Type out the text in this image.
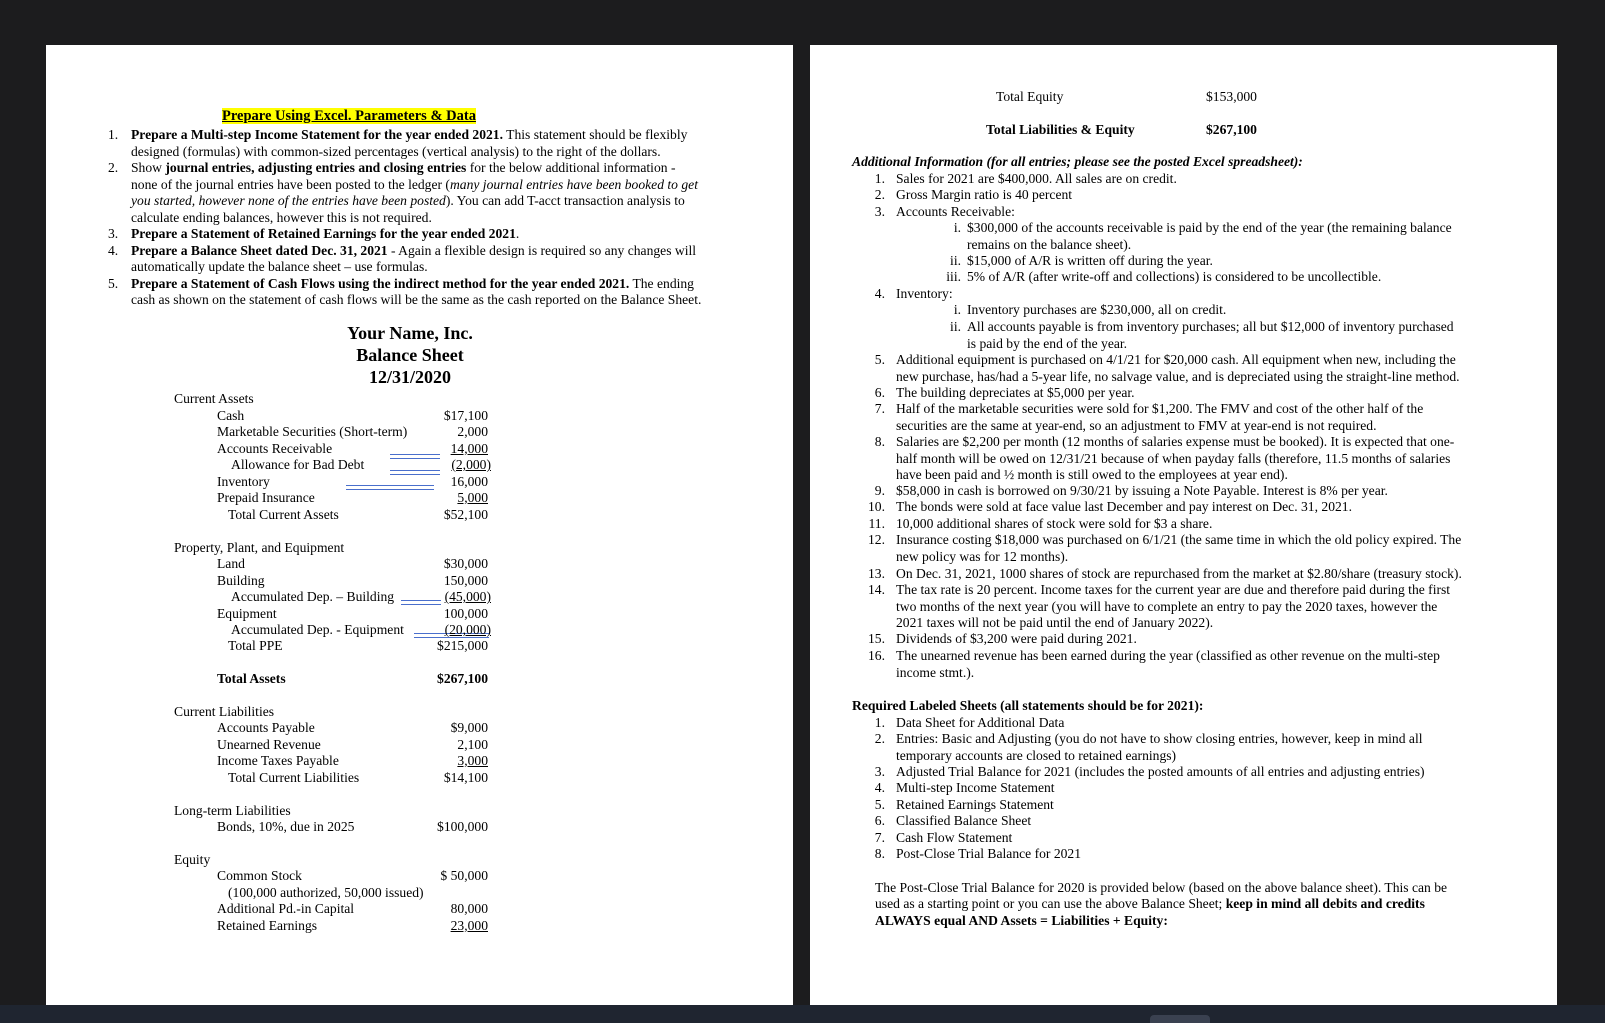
Prepare Using Excel. Parameters & Data
1. Prepare a Multi-step Income Statement for the year ended 2021. This statement should be flexibly
designed (formulas) with common-sized percentages (vertical analysis) to the right of the dollars.
2. Show journal entries, adjusting entries and closing entries for the below additional information -
none of the journal entries have been posted to the ledger (many journal entries have been booked to get
you started, however none of the entries have been posted). You can add T-acct transaction analysis to
calculate ending balances, however this is not required.
3. Prepare a Statement of Retained Earnings for the year ended 2021.
4. Prepare a Balance Sheet dated Dec. 31, 2021 - Again a flexible design is required so any changes will
automatically update the balance sheet – use formulas.
5. Prepare a Statement of Cash Flows using the indirect method for the year ended 2021. The ending
cash as shown on the statement of cash flows will be the same as the cash reported on the Balance Sheet.
Your Name, Inc.
Balance Sheet
12/31/2020
Current Assets
Cash	$17,100
Marketable Securities (Short-term)	2,000
Accounts Receivable	14,000
Allowance for Bad Debt	(2,000)
Inventory	16,000
Prepaid Insurance	5,000
Total Current Assets	$52,100
Property, Plant, and Equipment
Land	$30,000
Building	150,000
Accumulated Dep. – Building	(45,000)
Equipment	100,000
Accumulated Dep. - Equipment	(20,000)
Total PPE	$215,000
Total Assets	$267,100
Current Liabilities
Accounts Payable	$9,000
Unearned Revenue	2,100
Income Taxes Payable	3,000
Total Current Liabilities	$14,100
Long-term Liabilities
Bonds, 10%, due in 2025	$100,000
Equity
Common Stock	$ 50,000
(100,000 authorized, 50,000 issued)
Additional Pd.-in Capital	80,000
Retained Earnings	23,000
Total Equity	$153,000
Total Liabilities & Equity	$267,100
Additional Information (for all entries; please see the posted Excel spreadsheet):
Required Labeled Sheets (all statements should be for 2021):
The Post-Close Trial Balance for 2020 is provided below (based on the above balance sheet). This can be
used as a starting point or you can use the above Balance Sheet; keep in mind all debits and credits
ALWAYS equal AND Assets = Liabilities + Equity:
1. Sales for 2021 are $400,000. All sales are on credit.
2. Gross Margin ratio is 40 percent
3. Accounts Receivable:
i. $300,000 of the accounts receivable is paid by the end of the year (the remaining balance
remains on the balance sheet).
ii. $15,000 of A/R is written off during the year.
iii. 5% of A/R (after write-off and collections) is considered to be uncollectible.
4. Inventory:
i. Inventory purchases are $230,000, all on credit.
ii. All accounts payable is from inventory purchases; all but $12,000 of inventory purchased
is paid by the end of the year.
5. Additional equipment is purchased on 4/1/21 for $20,000 cash. All equipment when new, including the
new purchase, has/had a 5-year life, no salvage value, and is depreciated using the straight-line method.
6. The building depreciates at $5,000 per year.
7. Half of the marketable securities were sold for $1,200. The FMV and cost of the other half of the
securities are the same at year-end, so an adjustment to FMV at year-end is not required.
8. Salaries are $2,200 per month (12 months of salaries expense must be booked). It is expected that one-
half month will be owed on 12/31/21 because of when payday falls (therefore, 11.5 months of salaries
have been paid and ½ month is still owed to the employees at year end).
9. $58,000 in cash is borrowed on 9/30/21 by issuing a Note Payable. Interest is 8% per year.
10. The bonds were sold at face value last December and pay interest on Dec. 31, 2021.
11. 10,000 additional shares of stock were sold for $3 a share.
12. Insurance costing $18,000 was purchased on 6/1/21 (the same time in which the old policy expired. The
new policy was for 12 months).
13. On Dec. 31, 2021, 1000 shares of stock are repurchased from the market at $2.80/share (treasury stock).
14. The tax rate is 20 percent. Income taxes for the current year are due and therefore paid during the first
two months of the next year (you will have to complete an entry to pay the 2020 taxes, however the
2021 taxes will not be paid until the end of January 2022).
15. Dividends of $3,200 were paid during 2021.
16. The unearned revenue has been earned during the year (classified as other revenue on the multi-step
income stmt.).
1. Data Sheet for Additional Data
2. Entries: Basic and Adjusting (you do not have to show closing entries, however, keep in mind all
temporary accounts are closed to retained earnings)
3. Adjusted Trial Balance for 2021 (includes the posted amounts of all entries and adjusting entries)
4. Multi-step Income Statement
5. Retained Earnings Statement
6. Classified Balance Sheet
7. Cash Flow Statement
8. Post-Close Trial Balance for 2021
